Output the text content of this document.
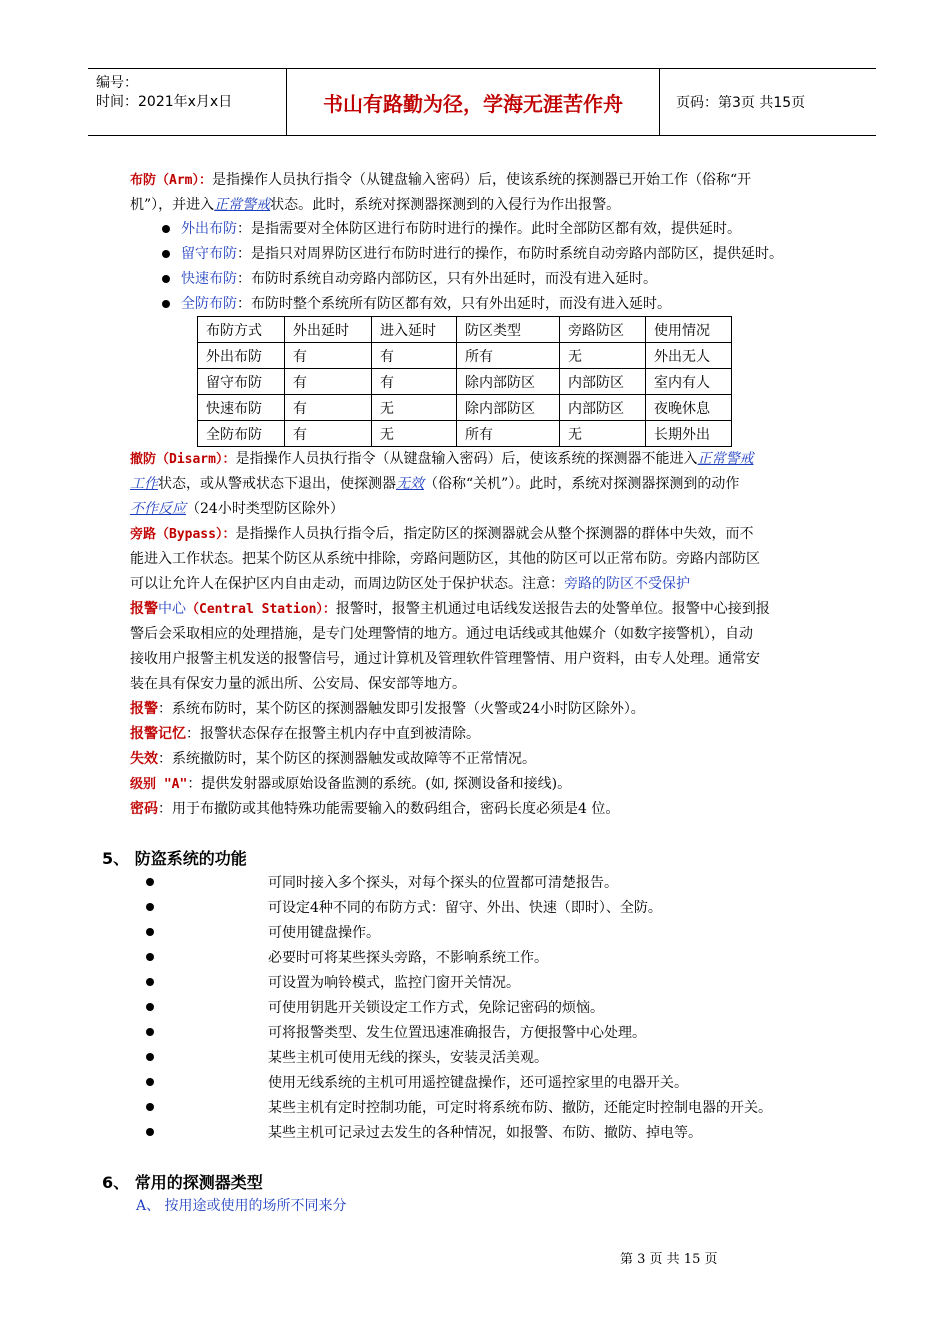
编号：
时间：2021年x月x日	书山有路勤为径，学海无涯苦作舟	页码：第3页 共15页
布防（Arm）：是指操作人员执行指令（从键盘输入密码）后，使该系统的探测器已开始工作（俗称“开
机”），并进入正常警戒状态。此时，系统对探测器探测到的入侵行为作出报警。
外出布防：是指需要对全体防区进行布防时进行的操作。此时全部防区都有效，提供延时。
留守布防：是指只对周界防区进行布防时进行的操作，布防时系统自动旁路内部防区，提供延时。
快速布防：布防时系统自动旁路内部防区，只有外出延时，而没有进入延时。
全防布防：布防时整个系统所有防区都有效，只有外出延时，而没有进入延时。
布防方式	外出延时	进入延时	防区类型	旁路防区	使用情况
外出布防	有	有	所有	无	外出无人
留守布防	有	有	除内部防区	内部防区	室内有人
快速布防	有	无	除内部防区	内部防区	夜晚休息
全防布防	有	无	所有	无	长期外出
撤防（Disarm）：是指操作人员执行指令（从键盘输入密码）后，使该系统的探测器不能进入正常警戒
工作状态，或从警戒状态下退出，使探测器无效（俗称“关机”）。此时，系统对探测器探测到的动作
不作反应（24小时类型防区除外）
旁路（Bypass）：是指操作人员执行指令后，指定防区的探测器就会从整个探测器的群体中失效，而不
能进入工作状态。把某个防区从系统中排除，旁路问题防区，其他的防区可以正常布防。旁路内部防区
可以让允许人在保护区内自由走动，而周边防区处于保护状态。注意：旁路的防区不受保护
报警中心（Central Station）：报警时，报警主机通过电话线发送报告去的处警单位。报警中心接到报
警后会采取相应的处理措施，是专门处理警情的地方。通过电话线或其他媒介（如数字接警机），自动
接收用户报警主机发送的报警信号，通过计算机及管理软件管理警情、用户资料，由专人处理。通常安
装在具有保安力量的派出所、公安局、保安部等地方。
报警：系统布防时，某个防区的探测器触发即引发报警（火警或24小时防区除外）。
报警记忆：报警状态保存在报警主机内存中直到被清除。
失效：系统撤防时，某个防区的探测器触发或故障等不正常情况。
级别 "A"：提供发射器或原始设备监测的系统。(如, 探测设备和接线)。
密码：用于布撤防或其他特殊功能需要输入的数码组合，密码长度必须是4 位。
5、 防盗系统的功能
可同时接入多个探头，对每个探头的位置都可清楚报告。
可设定4种不同的布防方式：留守、外出、快速（即时）、全防。
可使用键盘操作。
必要时可将某些探头旁路，不影响系统工作。
可设置为响铃模式，监控门窗开关情况。
可使用钥匙开关锁设定工作方式，免除记密码的烦恼。
可将报警类型、发生位置迅速准确报告，方便报警中心处理。
某些主机可使用无线的探头，安装灵活美观。
使用无线系统的主机可用遥控键盘操作，还可遥控家里的电器开关。
某些主机有定时控制功能，可定时将系统布防、撤防，还能定时控制电器的开关。
某些主机可记录过去发生的各种情况，如报警、布防、撤防、掉电等。
6、 常用的探测器类型
A、 按用途或使用的场所不同来分
第 3 页 共 15 页
